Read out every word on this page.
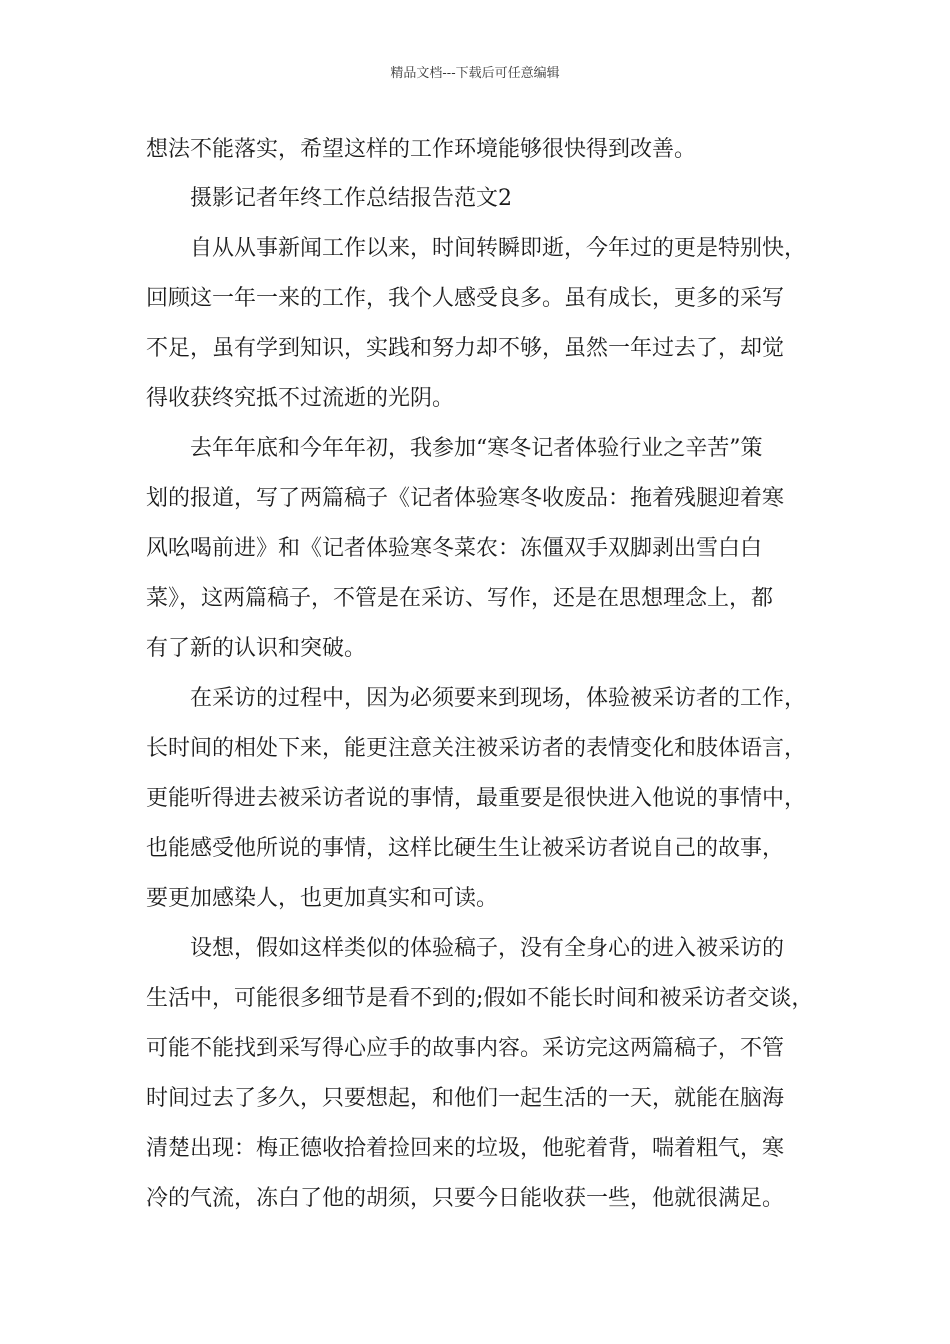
精品文档---下载后可任意编辑
想法不能落实，希望这样的工作环境能够很快得到改善。
摄影记者年终工作总结报告范文2
自从从事新闻工作以来，时间转瞬即逝，今年过的更是特别快，
回顾这一年一来的工作，我个人感受良多。虽有成长，更多的采写
不足，虽有学到知识，实践和努力却不够，虽然一年过去了，却觉
得收获终究抵不过流逝的光阴。
去年年底和今年年初，我参加“寒冬记者体验行业之辛苦”策
划的报道，写了两篇稿子《记者体验寒冬收废品：拖着残腿迎着寒
风吆喝前进》和《记者体验寒冬菜农：冻僵双手双脚剥出雪白白
菜》，这两篇稿子，不管是在采访、写作，还是在思想理念上，都
有了新的认识和突破。
在采访的过程中，因为必须要来到现场，体验被采访者的工作，
长时间的相处下来，能更注意关注被采访者的表情变化和肢体语言，
更能听得进去被采访者说的事情，最重要是很快进入他说的事情中，
也能感受他所说的事情，这样比硬生生让被采访者说自己的故事，
要更加感染人，也更加真实和可读。
设想，假如这样类似的体验稿子，没有全身心的进入被采访的
生活中，可能很多细节是看不到的;假如不能长时间和被采访者交谈，
可能不能找到采写得心应手的故事内容。采访完这两篇稿子，不管
时间过去了多久，只要想起，和他们一起生活的一天，就能在脑海
清楚出现：梅正德收拾着捡回来的垃圾，他驼着背，喘着粗气，寒
冷的气流，冻白了他的胡须，只要今日能收获一些，他就很满足。
